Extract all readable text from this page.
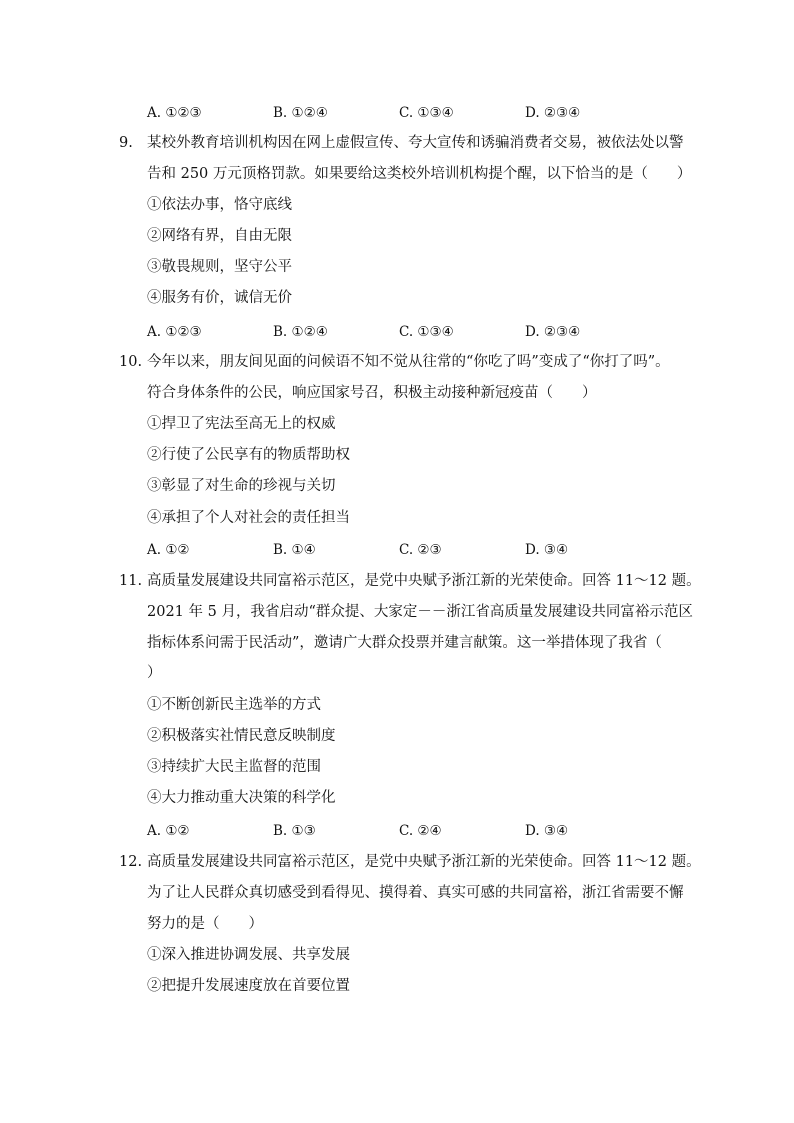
A. ①②③	B. ①②④	C. ①③④	D. ②③④
9. 某校外教育培训机构因在网上虚假宣传、夸大宣传和诱骗消费者交易，被依法处以警
告和 250 万元顶格罚款。如果要给这类校外培训机构提个醒，以下恰当的是（　　）
①依法办事，恪守底线
②网络有界，自由无限
③敬畏规则，坚守公平
④服务有价，诚信无价
A. ①②③	B. ①②④	C. ①③④	D. ②③④
10. 今年以来，朋友间见面的问候语不知不觉从往常的“你吃了吗”变成了“你打了吗”。
符合身体条件的公民，响应国家号召，积极主动接种新冠疫苗（　　）
①捍卫了宪法至高无上的权威
②行使了公民享有的物质帮助权
③彰显了对生命的珍视与关切
④承担了个人对社会的责任担当
A. ①②	B. ①④	C. ②③	D. ③④
11. 高质量发展建设共同富裕示范区，是党中央赋予浙江新的光荣使命。回答 11～12 题。
2021 年 5 月，我省启动“群众提、大家定－－浙江省高质量发展建设共同富裕示范区
指标体系问需于民活动”，邀请广大群众投票并建言献策。这一举措体现了我省（
）
①不断创新民主选举的方式
②积极落实社情民意反映制度
③持续扩大民主监督的范围
④大力推动重大决策的科学化
A. ①②	B. ①③	C. ②④	D. ③④
12. 高质量发展建设共同富裕示范区，是党中央赋予浙江新的光荣使命。回答 11～12 题。
为了让人民群众真切感受到看得见、摸得着、真实可感的共同富裕，浙江省需要不懈
努力的是（　　）
①深入推进协调发展、共享发展
②把提升发展速度放在首要位置
